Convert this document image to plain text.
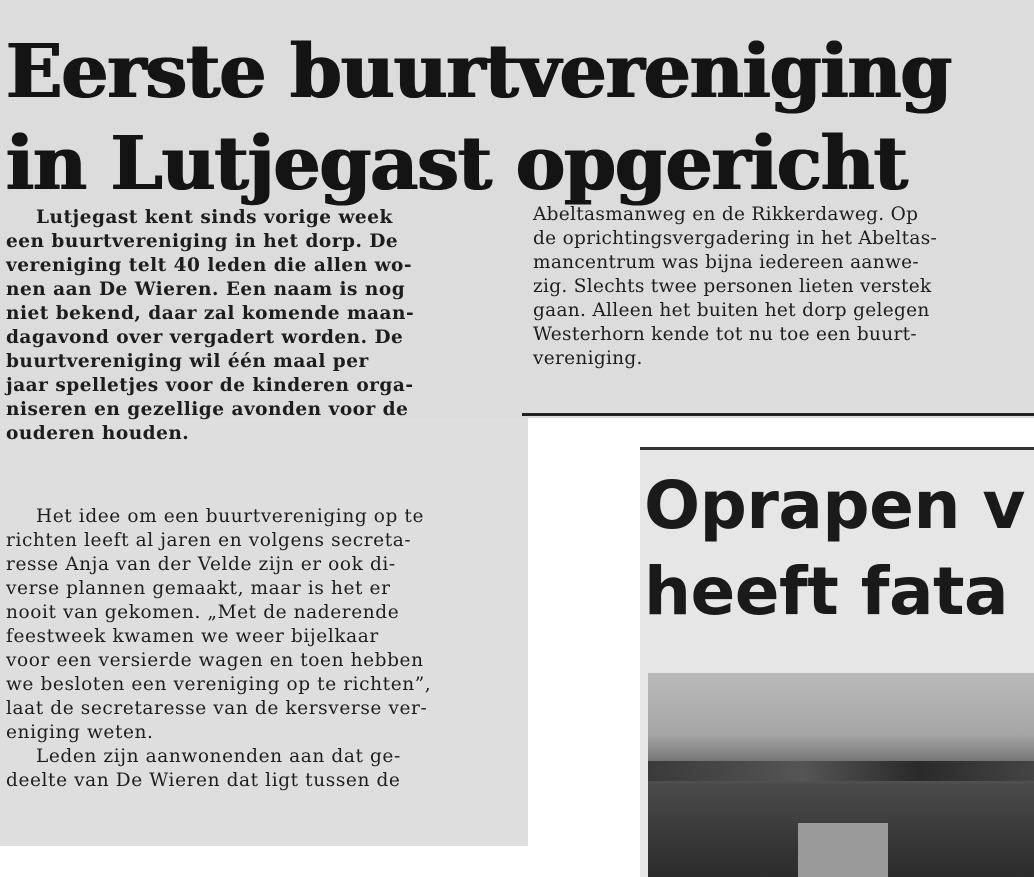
Eerste buurtvereniging
in Lutjegast opgericht

Abeltasmanweg en de Rikkerdaweg. Op

de oprichtingsvergadering in het Abeltas-

mancentrum was bijna iedereen aanwe-

zig. Slechts twee personen lieten verstek

gaan. Alleen het buiten het dorp gelegen

Westerhorn kende tot nu toe een buurt-

vereniging.

Lutjegast kent sinds vorige week

een buurtvereniging in het dorp. De

vereniging telt 40 leden die allen wo-

nen aan De Wieren. Een naam is nog

niet bekend, daar zal komende maan-

dagavond over vergadert worden. De

buurtvereniging wil één maal per

jaar spelletjes voor de kinderen orga-

niseren en gezellige avonden voor de

ouderen houden.

Het idee om een buurtvereniging op te

richten leeft al jaren en volgens secreta-

resse Anja van der Velde zijn er ook di-

verse plannen gemaakt, maar is het er

nooit van gekomen. „Met de naderende

feestweek kwamen we weer bijelkaar

voor een versierde wagen en toen hebben

we besloten een vereniging op te richten”,

laat de secretaresse van de kersverse ver-

eniging weten.

Leden zijn aanwonenden aan dat ge-

deelte van De Wieren dat ligt tussen de

Oprapen v
heeft fata
